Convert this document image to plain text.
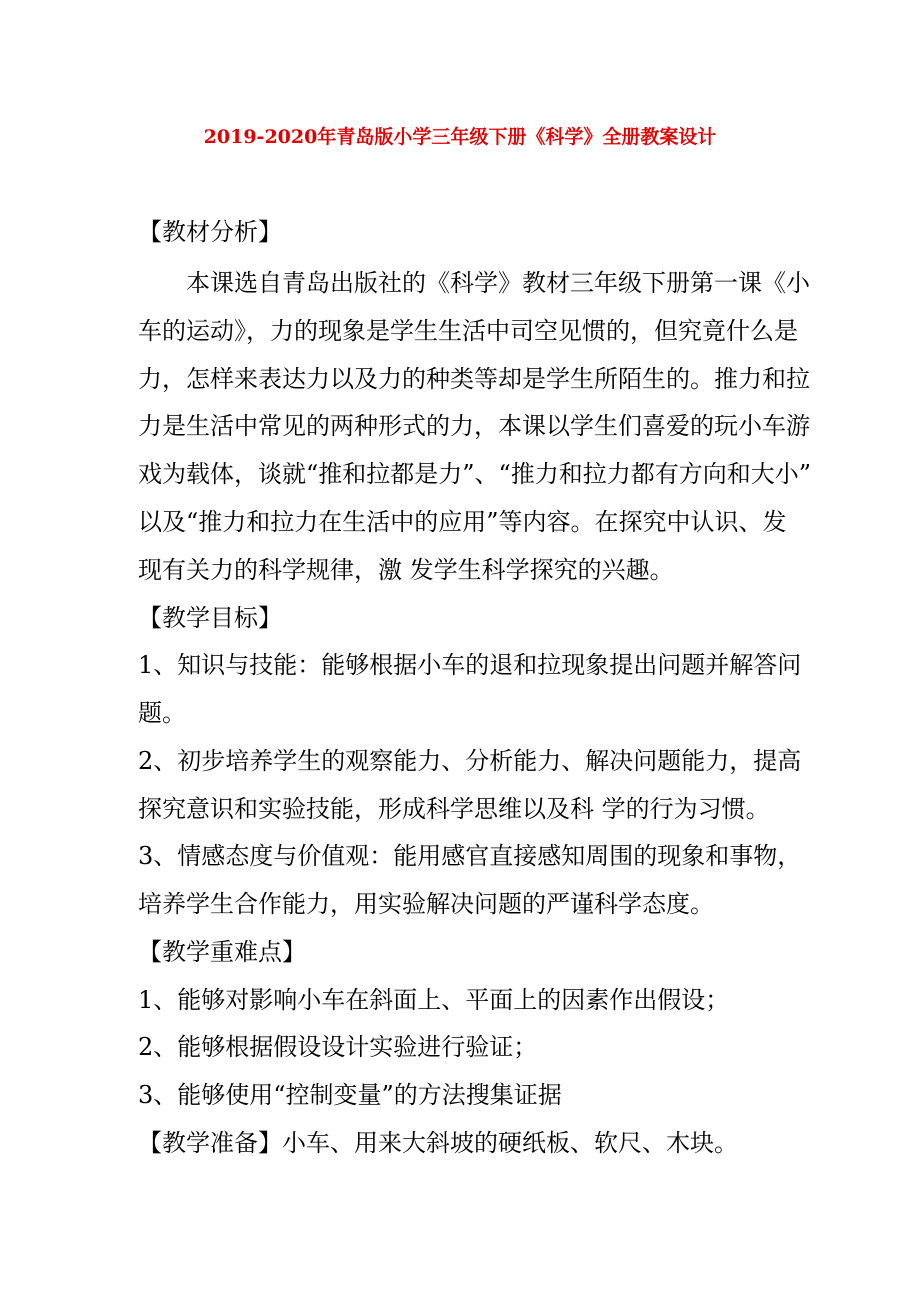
2019-2020年青岛版小学三年级下册《科学》全册教案设计
【教材分析】
本课选自青岛出版社的《科学》教材三年级下册第一课《小
车的运动》，力的现象是学生生活中司空见惯的，但究竟什么是
力，怎样来表达力以及力的种类等却是学生所陌生的。推力和拉
力是生活中常见的两种形式的力，本课以学生们喜爱的玩小车游
戏为载体，谈就“推和拉都是力”、“推力和拉力都有方向和大小”
以及“推力和拉力在生活中的应用”等内容。在探究中认识、发
现有关力的科学规律，激 发学生科学探究的兴趣。
【教学目标】
1、知识与技能：能够根据小车的退和拉现象提出问题并解答问
题。
2、初步培养学生的观察能力、分析能力、解决问题能力，提高
探究意识和实验技能，形成科学思维以及科 学的行为习惯。
3、情感态度与价值观：能用感官直接感知周围的现象和事物，
培养学生合作能力，用实验解决问题的严谨科学态度。
【教学重难点】
1、能够对影响小车在斜面上、平面上的因素作出假设；
2、能够根据假设设计实验进行验证；
3、能够使用“控制变量”的方法搜集证据
【教学准备】小车、用来大斜坡的硬纸板、软尺、木块。
